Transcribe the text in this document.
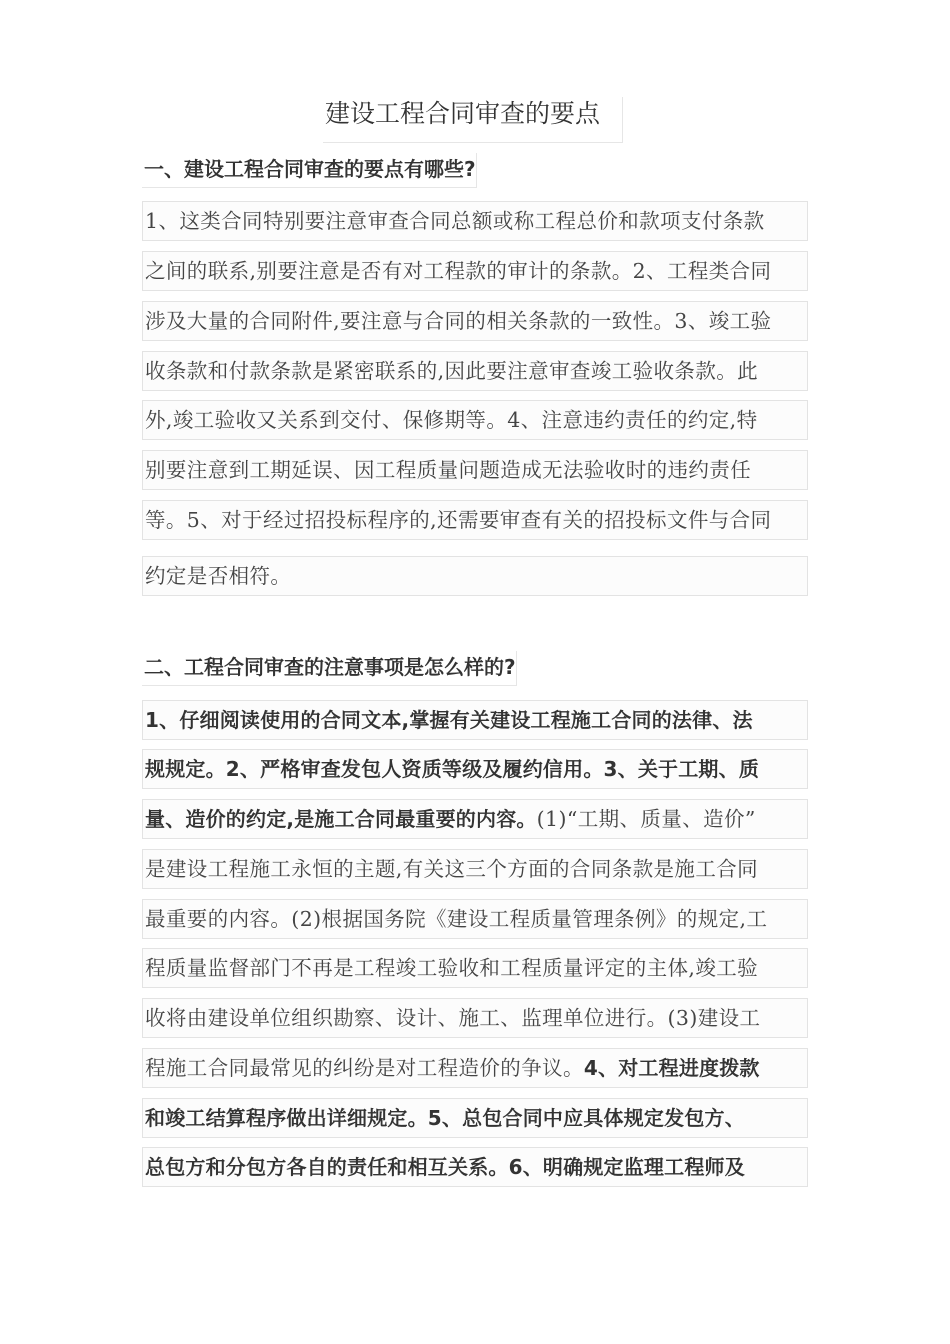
建设工程合同审查的要点
一、建设工程合同审查的要点有哪些?
1、这类合同特别要注意审查合同总额或称工程总价和款项支付条款
之间的联系,别要注意是否有对工程款的审计的条款。2、工程类合同
涉及大量的合同附件,要注意与合同的相关条款的一致性。3、竣工验
收条款和付款条款是紧密联系的,因此要注意审查竣工验收条款。此
外,竣工验收又关系到交付、保修期等。4、注意违约责任的约定,特
别要注意到工期延误、因工程质量问题造成无法验收时的违约责任
等。5、对于经过招投标程序的,还需要审查有关的招投标文件与合同
约定是否相符。
二、工程合同审查的注意事项是怎么样的?
1、仔细阅读使用的合同文本,掌握有关建设工程施工合同的法律、法
规规定。2、严格审查发包人资质等级及履约信用。3、关于工期、质
量、造价的约定,是施工合同最重要的内容。(1)“工期、质量、造价”
是建设工程施工永恒的主题,有关这三个方面的合同条款是施工合同
最重要的内容。(2)根据国务院《建设工程质量管理条例》的规定,工
程质量监督部门不再是工程竣工验收和工程质量评定的主体,竣工验
收将由建设单位组织勘察、设计、施工、监理单位进行。(3)建设工
程施工合同最常见的纠纷是对工程造价的争议。4、对工程进度拨款
和竣工结算程序做出详细规定。5、总包合同中应具体规定发包方、
总包方和分包方各自的责任和相互关系。6、明确规定监理工程师及
